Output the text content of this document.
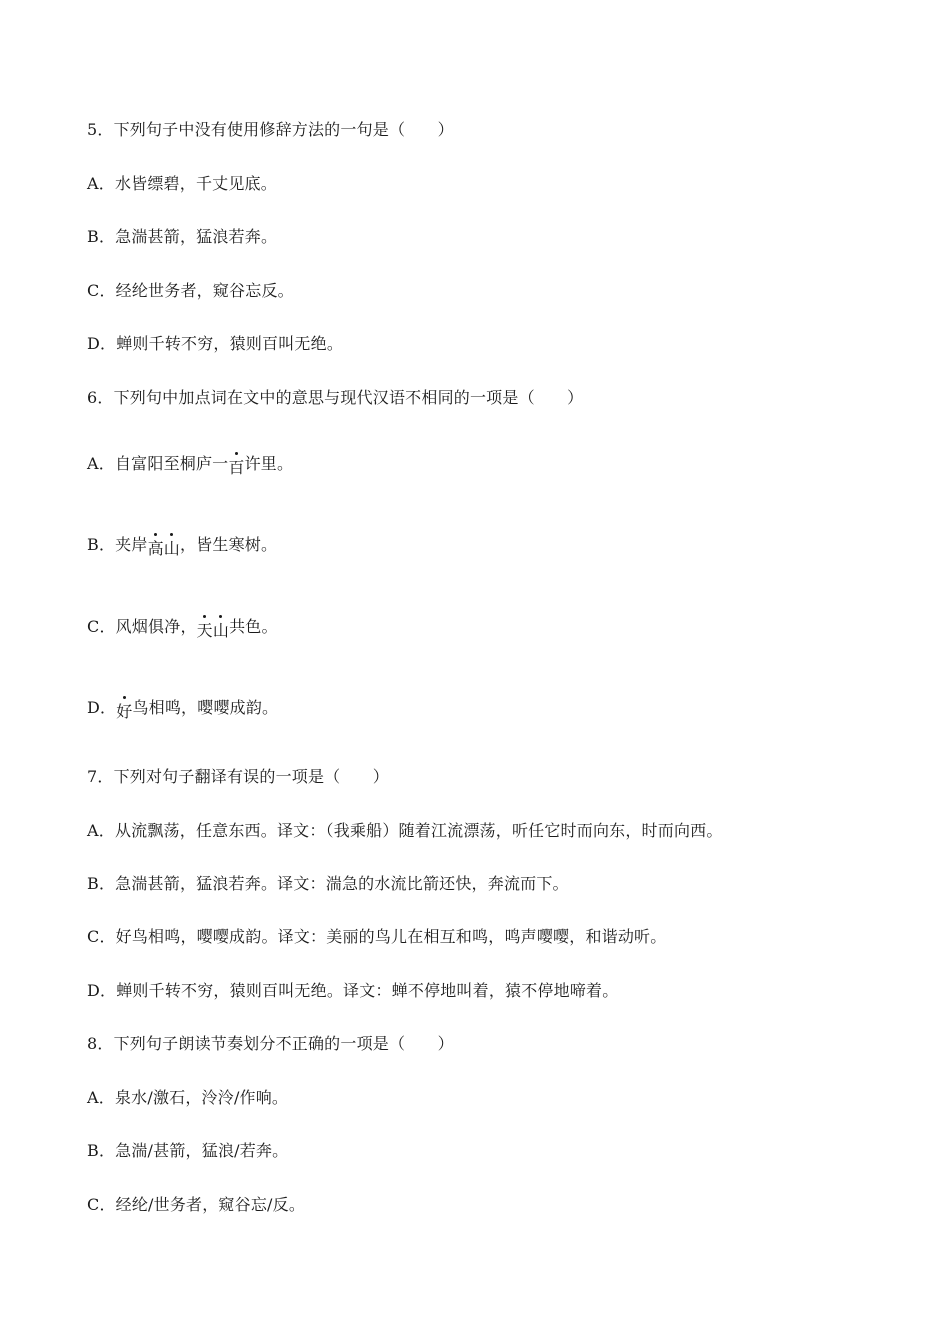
5．下列句子中没有使用修辞方法的一句是（　　）
A．水皆缥碧，千丈见底。
B．急湍甚箭，猛浪若奔。
C．经纶世务者，窥谷忘反。
D．蝉则千转不穷，猿则百叫无绝。
6．下列句中加点词在文中的意思与现代汉语不相同的一项是（　　）
A．自富阳至桐庐一百许里。
B．夹岸高山，皆生寒树。
C．风烟俱净，天山共色。
D．好鸟相鸣，嘤嘤成韵。
7．下列对句子翻译有误的一项是（　　）
A．从流飘荡，任意东西。译文：（我乘船）随着江流漂荡，听任它时而向东，时而向西。
B．急湍甚箭，猛浪若奔。译文：湍急的水流比箭还快，奔流而下。
C．好鸟相鸣，嘤嘤成韵。译文：美丽的鸟儿在相互和鸣，鸣声嘤嘤，和谐动听。
D．蝉则千转不穷，猿则百叫无绝。译文：蝉不停地叫着，猿不停地啼着。
8．下列句子朗读节奏划分不正确的一项是（　　）
A．泉水/激石，泠泠/作响。
B．急湍/甚箭，猛浪/若奔。
C．经纶/世务者，窥谷忘/反。
